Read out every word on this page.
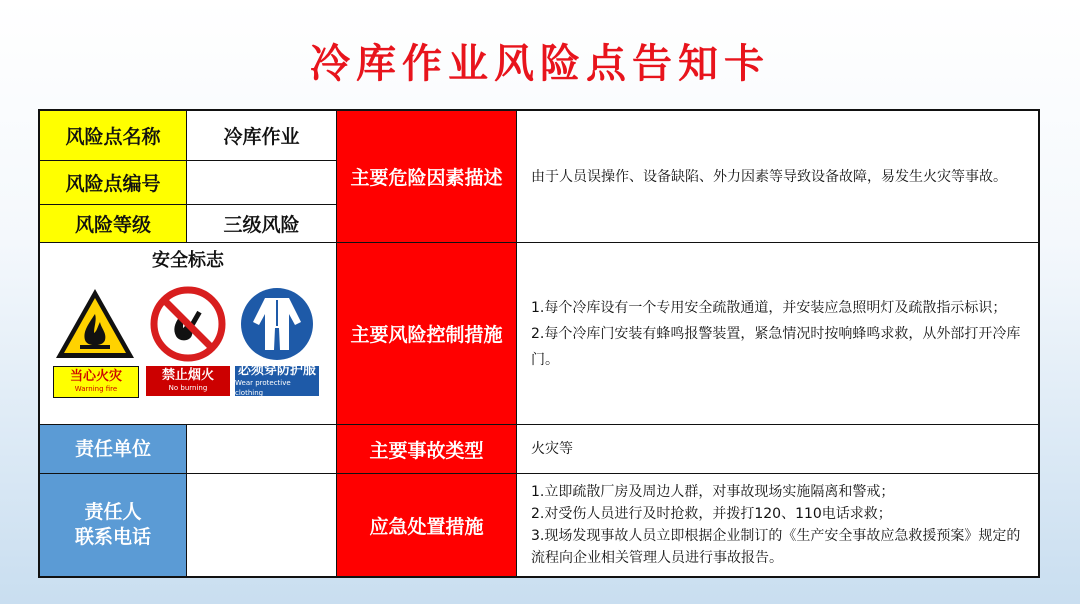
冷库作业风险点告知卡
风险点名称	冷库作业
风险点编号
风险等级	三级风险
安全标志
当心火灾
Warning fire
禁止烟火
No burning
必须穿防护服
Wear protective clothing
责任单位
责任人
联系电话
主要危险因素描述
主要风险控制措施
主要事故类型
应急处置措施

由于人员误操作、设备缺陷、外力因素等导致设备故障，易发生火灾等事故。

1.每个冷库设有一个专用安全疏散通道，并安装应急照明灯及疏散指示标识；

2.每个冷库门安装有蜂鸣报警装置，紧急情况时按响蜂鸣求救，从外部打开冷库门。

火灾等

1.立即疏散厂房及周边人群，对事故现场实施隔离和警戒；

2.对受伤人员进行及时抢救，并拨打120、110电话求救；

3.现场发现事故人员立即根据企业制订的《生产安全事故应急救援预案》规定的流程向企业相关管理人员进行事故报告。
